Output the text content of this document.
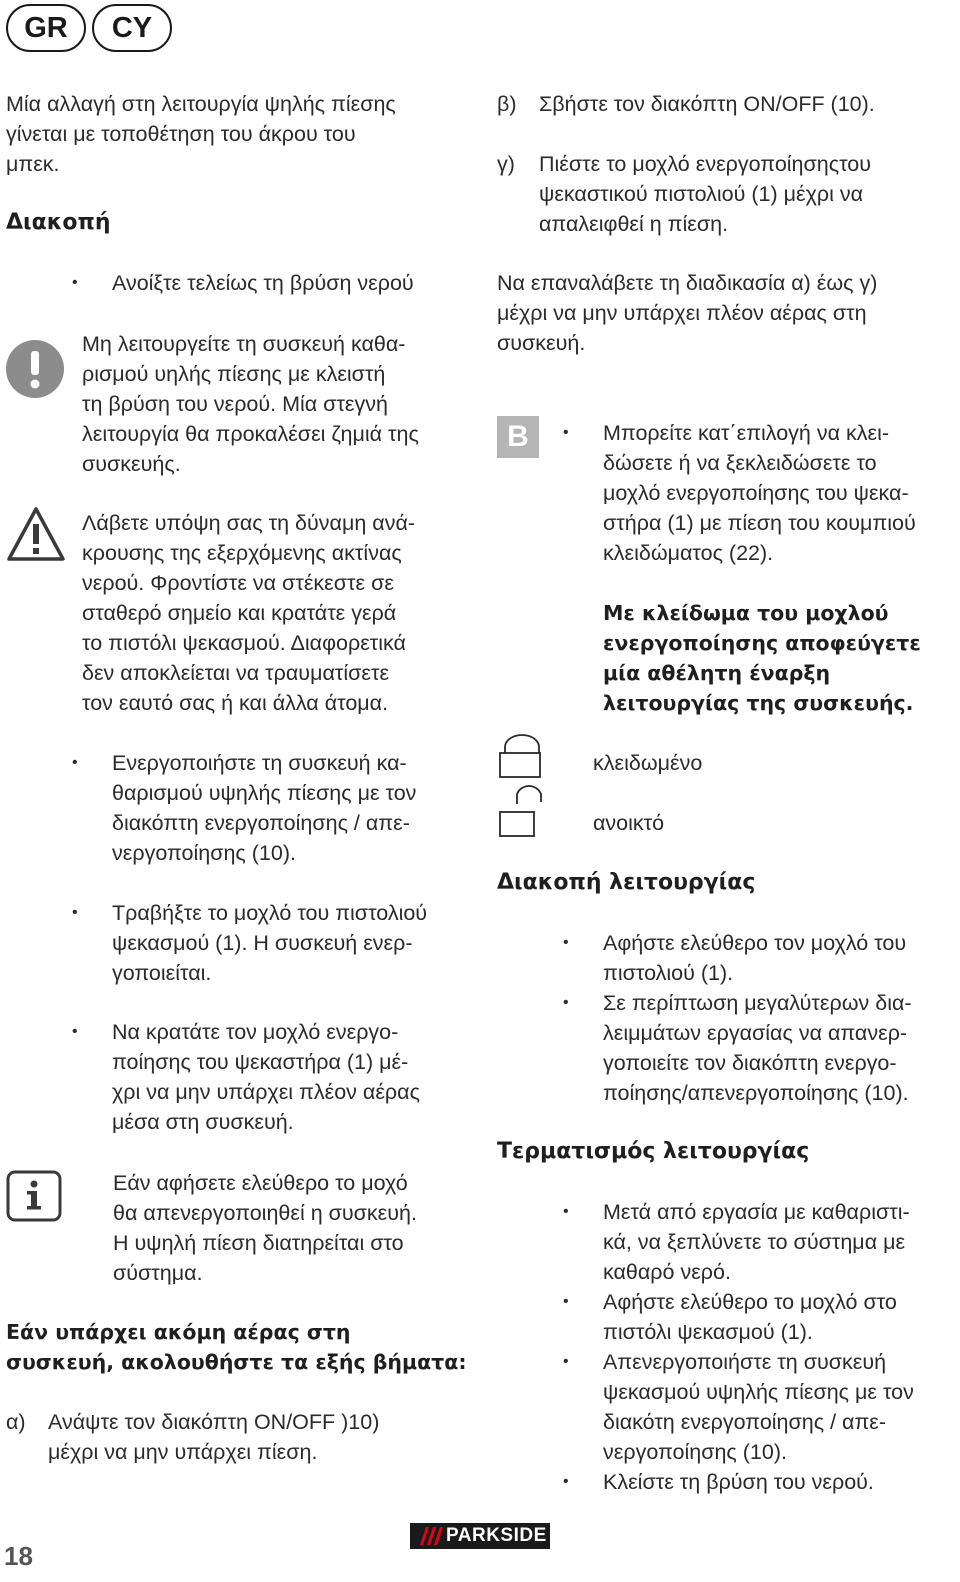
GR	CY
Μία αλλαγή στη λειτουργία ψηλής πίεσης
γίνεται με τοποθέτηση του άκρου του
μπεκ.
Διακοπή
•	Ανοίξτε τελείως τη βρύση νερού
Μη λειτουργείτε τη συσκευή καθα-
ρισμού υηλής πίεσης με κλειστή
τη βρύση του νερού. Μία στεγνή
λειτουργία θα προκαλέσει ζημιά της
συσκευής.
Λάβετε υπόψη σας τη δύναμη ανά-
κρουσης της εξερχόμενης ακτίνας
νερού. Φροντίστε να στέκεστε σε
σταθερό σημείο και κρατάτε γερά
το πιστόλι ψεκασμού. Διαφορετικά
δεν αποκλείεται να τραυματίσετε
τον εαυτό σας ή και άλλα άτομα.
•	Ενεργοποιήστε τη συσκευή κα-
θαρισμού υψηλής πίεσης με τον
διακόπτη ενεργοποίησης / απε-
νεργοποίησης (10).
•	Τραβήξτε το μοχλό του πιστολιού
ψεκασμού (1). Η συσκευή ενερ-
γοποιείται.
•	Να κρατάτε τον μοχλό ενεργο-
ποίησης του ψεκαστήρα (1) μέ-
χρι να μην υπάρχει πλέον αέρας
μέσα στη συσκευή.
Εάν αφήσετε ελεύθερο το μοχό
θα απενεργοποιηθεί η συσκευή.
Η υψηλή πίεση διατηρείται στο
σύστημα.
Εάν υπάρχει ακόμη αέρας στη
συσκευή, ακολουθήστε τα εξής βήματα:
α) Ανάψτε τον διακόπτη ON/OFF )10)
μέχρι να μην υπάρχει πίεση.
β) Σβήστε τον διακόπτη ON/OFF (10).
γ) Πιέστε το μοχλό ενεργοποίησηςτου
ψεκαστικού πιστολιού (1) μέχρι να
απαλειφθεί η πίεση.
Να επαναλάβετε τη διαδικασία α) έως γ)
μέχρι να μην υπάρχει πλέον αέρας στη
συσκευή.
B	•	Μπορείτε κατ΄επιλογή να κλει-
δώσετε ή να ξεκλειδώσετε το
μοχλό ενεργοποίησης του ψεκα-
στήρα (1) με πίεση του κουμπιού
κλειδώματος (22).
Με κλείδωμα του μοχλού
ενεργοποίησης αποφεύγετε
μία αθέλητη έναρξη
λειτουργίας της συσκευής.
κλειδωμένο
ανοικτό
Διακοπή λειτουργίας
•	Αφήστε ελεύθερο τον μοχλό του
πιστολιού (1).
•	Σε περίπτωση μεγαλύτερων δια-
λειμμάτων εργασίας να απανερ-
γοποιείτε τον διακόπτη ενεργο-
ποίησης/απενεργοποίησης (10).
Τερματισμός λειτουργίας
•	Μετά από εργασία με καθαριστι-
κά, να ξεπλύνετε το σύστημα με
καθαρό νερό.
•	Αφήστε ελεύθερο το μοχλό στο
πιστόλι ψεκασμού (1).
•	Απενεργοποιήστε τη συσκευή
ψεκασμού υψηλής πίεσης με τον
διακότη ενεργοποίησης / απε-
νεργοποίησης (10).
•	Κλείστε τη βρύση του νερού.
18
PARKSIDE
